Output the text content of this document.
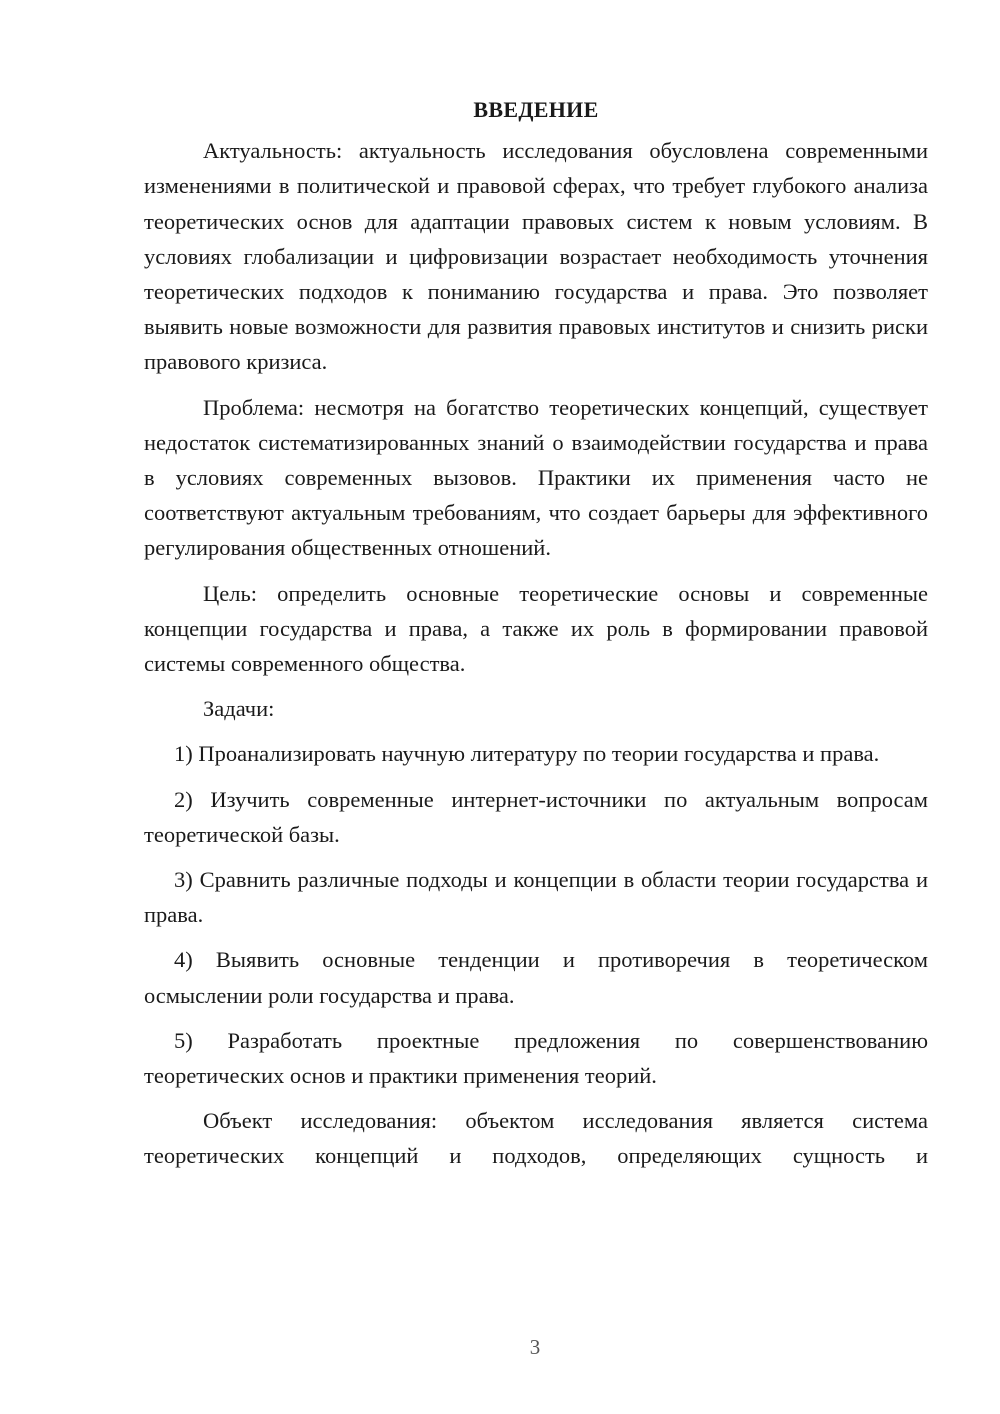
ВВЕДЕНИЕ

Актуальность: актуальность исследования обусловлена современными изменениями в политической и правовой сферах, что требует глубокого анализа теоретических основ для адаптации правовых систем к новым условиям. В условиях глобализации и цифровизации возрастает необходимость уточнения теоретических подходов к пониманию государства и права. Это позволяет выявить новые возможности для развития правовых институтов и снизить риски правового кризиса.

Проблема: несмотря на богатство теоретических концепций, существует недостаток систематизированных знаний о взаимодействии государства и права в условиях современных вызовов. Практики их применения часто не соответствуют актуальным требованиям, что создает барьеры для эффективного регулирования общественных отношений.

Цель: определить основные теоретические основы и современные концепции государства и права, а также их роль в формировании правовой системы современного общества.

Задачи:

1) Проанализировать научную литературу по теории государства и права.

2) Изучить современные интернет-источники по актуальным вопросам теоретической базы.

3) Сравнить различные подходы и концепции в области теории государства и права.

4) Выявить основные тенденции и противоречия в теоретическом осмыслении роли государства и права.

5) Разработать проектные предложения по совершенствованию теоретических основ и практики применения теорий.

Объект исследования: объектом исследования является система теоретических концепций и подходов, определяющих сущность и

3
